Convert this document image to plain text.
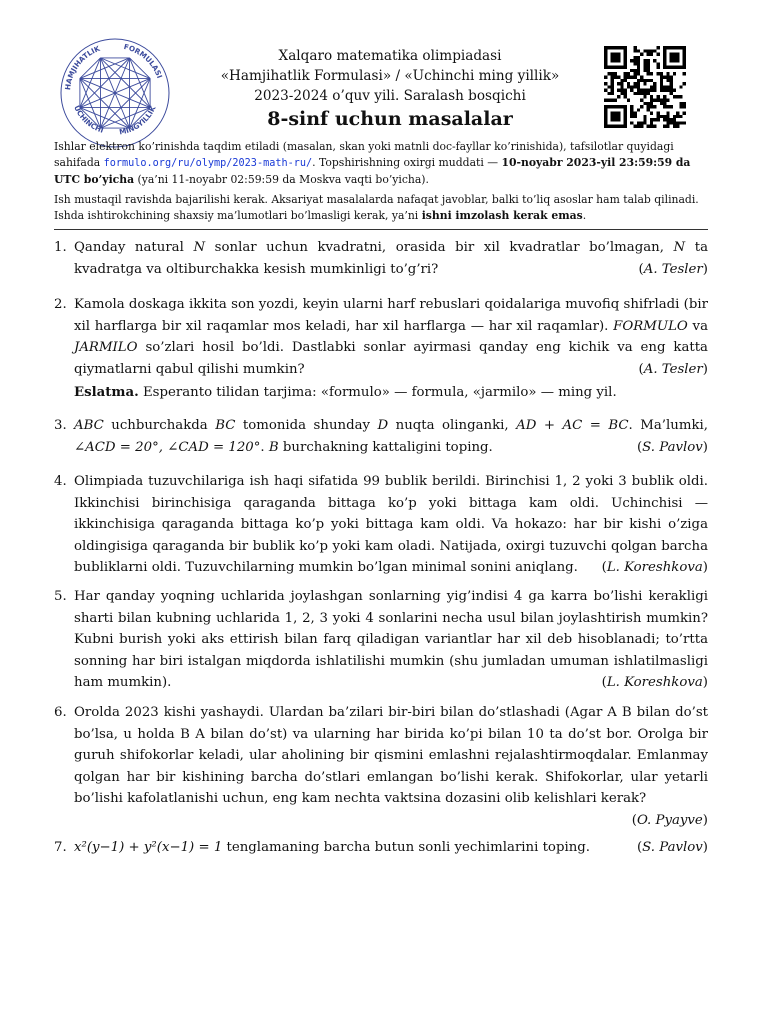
HAMJIHATLIK	FORMULASI
UCHINCHI MINGYILLIK
Xalqaro matematika olimpiadasi
«Hamjihatlik Formulasi» / «Uchinchi ming yillik»
2023-2024 o’quv yili. Saralash bosqichi
8-sinf uchun masalalar
Ishlar elektron ko’rinishda taqdim etiladi (masalan, skan yoki matnli doc-fayllar ko’rinishida), tafsilotlar quyidagi sahifada formulo.org/ru/olymp/2023-math-ru/. Topshirishning oxirgi muddati — 10-noyabr 2023-yil 23:59:59 da UTC bo’yicha (ya’ni 11-noyabr 02:59:59 da Moskva vaqti bo’yicha).
Ish mustaqil ravishda bajarilishi kerak. Aksariyat masalalarda nafaqat javoblar, balki to’liq asoslar ham talab qilinadi. Ishda ishtirokchining shaxsiy ma’lumotlari bo’lmasligi kerak, ya’ni ishni imzolash kerak emas.
1. Qanday natural N sonlar uchun kvadratni, orasida bir xil kvadratlar bo’lmagan, N ta kvadratga va oltiburchakka kesish mumkinligi to’g’ri?	( A. Tesler )
2. Kamola doskaga ikkita son yozdi, keyin ularni harf rebuslari qoidalariga muvofiq shifrladi (bir xil harflarga bir xil raqamlar mos keladi, har xil harflarga — har xil raqamlar). FORMULO va JARMILO so’zlari hosil bo’ldi. Dastlabki sonlar ayirmasi qanday eng kichik va eng katta qiymatlarni qabul qilishi mumkin?	( A. Tesler )
Eslatma. Esperanto tilidan tarjima: «formulo» — formula, «jarmilo» — ming yil.
3. ABC uchburchakda BC tomonida shunday D nuqta olinganki, AD + AC = BC. Ma’lumki, ∠ACD = 20°, ∠CAD = 120°. B burchakning kattaligini toping.	( S. Pavlov )
4. Olimpiada tuzuvchilariga ish haqi sifatida 99 bublik berildi. Birinchisi 1, 2 yoki 3 bublik oldi. Ikkinchisi birinchisiga qaraganda bittaga ko’p yoki bittaga kam oldi. Uchinchisi — ikkinchisiga qaraganda bittaga ko’p yoki bittaga kam oldi. Va hokazo: har bir kishi o’ziga oldingisiga qaraganda bir bublik ko’p yoki kam oladi. Natijada, oxirgi tuzuvchi qolgan barcha bubliklarni oldi. Tuzuvchilarning mumkin bo’lgan minimal sonini aniqlang.	( L. Koreshkova )
5. Har qanday yoqning uchlarida joylashgan sonlarning yig’indisi 4 ga karra bo’lishi kerakligi sharti bilan kubning uchlarida 1, 2, 3 yoki 4 sonlarini necha usul bilan joylashtirish mumkin? Kubni burish yoki aks ettirish bilan farq qiladigan variantlar har xil deb hisoblanadi; to’rtta sonning har biri istalgan miqdorda ishlatilishi mumkin (shu jumladan umuman ishlatilmasligi ham mumkin).	( L. Koreshkova )
6. Orolda 2023 kishi yashaydi. Ulardan ba’zilari bir-biri bilan do’stlashadi (Agar A B bilan do’st bo’lsa, u holda B A bilan do’st) va ularning har birida ko’pi bilan 10 ta do’st bor. Orolga bir guruh shifokorlar keladi, ular aholining bir qismini emlashni rejalashtirmoqdalar. Emlanmay qolgan har bir kishining barcha do’stlari emlangan bo’lishi kerak. Shifokorlar, ular yetarli bo’lishi kafolatlanishi uchun, eng kam nechta vaktsina dozasini olib kelishlari kerak?
( O. Pyayve )
7. x²(y−1) + y²(x−1) = 1 tenglamaning barcha butun sonli yechimlarini toping.	( S. Pavlov )
